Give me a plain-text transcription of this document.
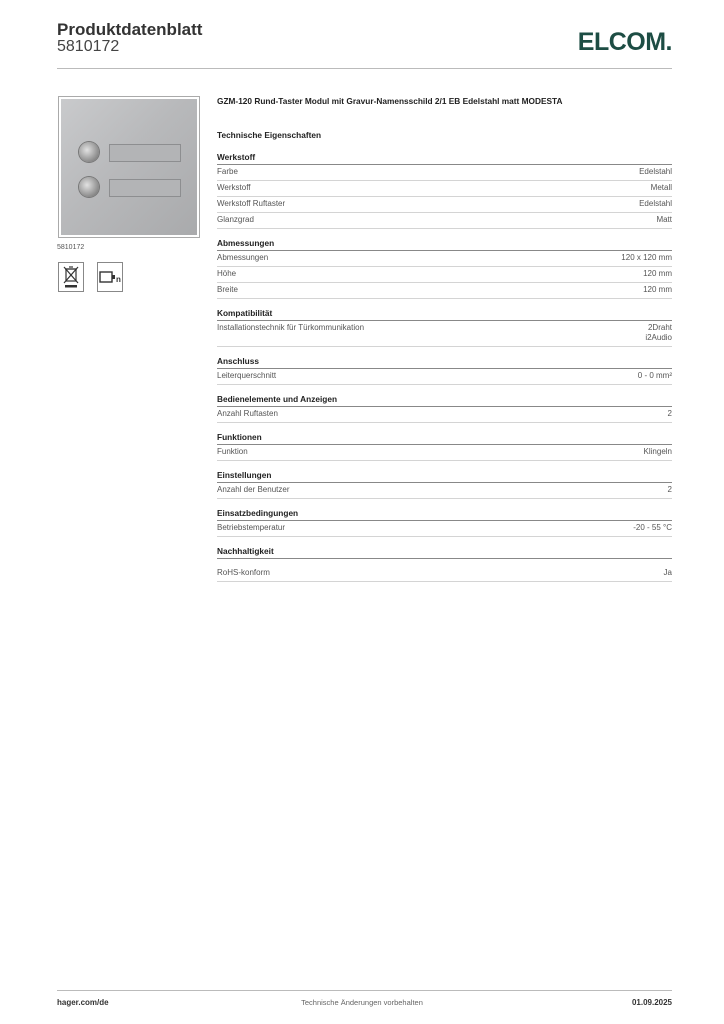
Produktdatenblatt
5810172	ELCOM.
5810172
n
GZM-120 Rund-Taster Modul mit Gravur-Namensschild 2/1 EB Edelstahl matt MODESTA
Technische Eigenschaften
Werkstoff
Farbe	Edelstahl
Werkstoff	Metall
Werkstoff Ruftaster	Edelstahl
Glanzgrad	Matt
Abmessungen
Abmessungen	120 x 120 mm
Höhe	120 mm
Breite	120 mm
Kompatibilität
Installationstechnik für Türkommunikation	2Draht
i2Audio
Anschluss
Leiterquerschnitt	0 - 0 mm²
Bedienelemente und Anzeigen
Anzahl Ruftasten	2
Funktionen
Funktion	Klingeln
Einstellungen
Anzahl der Benutzer	2
Einsatzbedingungen
Betriebstemperatur	-20 - 55 °C
Nachhaltigkeit
RoHS-konform	Ja
Technische Änderungen vorbehalten
hager.com/de	01.09.2025
